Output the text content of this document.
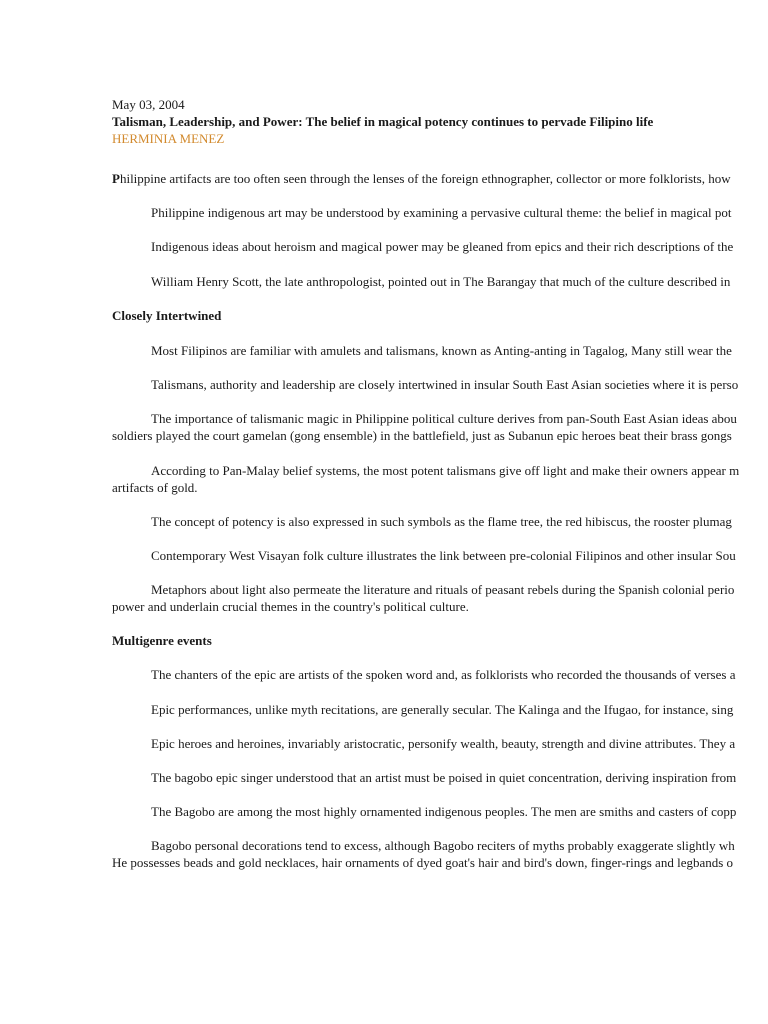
May 03, 2004
Talisman, Leadership, and Power: The belief in magical potency continues to pervade Filipino life
HERMINIA MENEZ
Philippine artifacts are too often seen through the lenses of the foreign ethnographer, collector or more folklorists, how
Philippine indigenous art may be understood by examining a pervasive cultural theme: the belief in magical pot
Indigenous ideas about heroism and magical power may be gleaned from epics and their rich descriptions of the
William Henry Scott, the late anthropologist, pointed out in The Barangay that much of the culture described in
Closely Intertwined
Most Filipinos are familiar with amulets and talismans, known as Anting-anting in Tagalog, Many still wear the
Talismans, authority and leadership are closely intertwined in insular South East Asian societies where it is perso
The importance of talismanic magic in Philippine political culture derives from pan-South East Asian ideas abou
soldiers played the court gamelan (gong ensemble) in the battlefield, just as Subanun epic heroes beat their brass gongs
According to Pan-Malay belief systems, the most potent talismans give off light and make their owners appear m
artifacts of gold.
The concept of potency is also expressed in such symbols as the flame tree, the red hibiscus, the rooster plumag
Contemporary West Visayan folk culture illustrates the link between pre-colonial Filipinos and other insular Sou
Metaphors about light also permeate the literature and rituals of peasant rebels during the Spanish colonial perio
power and underlain crucial themes in the country's political culture.
Multigenre events
The chanters of the epic are artists of the spoken word and, as folklorists who recorded the thousands of verses a
Epic performances, unlike myth recitations, are generally secular. The Kalinga and the Ifugao, for instance, sing
Epic heroes and heroines, invariably aristocratic, personify wealth, beauty, strength and divine attributes. They a
The bagobo epic singer understood that an artist must be poised in quiet concentration, deriving inspiration from
The Bagobo are among the most highly ornamented indigenous peoples. The men are smiths and casters of copp
Bagobo personal decorations tend to excess, although Bagobo reciters of myths probably exaggerate slightly wh
He possesses beads and gold necklaces, hair ornaments of dyed goat's hair and bird's down, finger-rings and legbands o
